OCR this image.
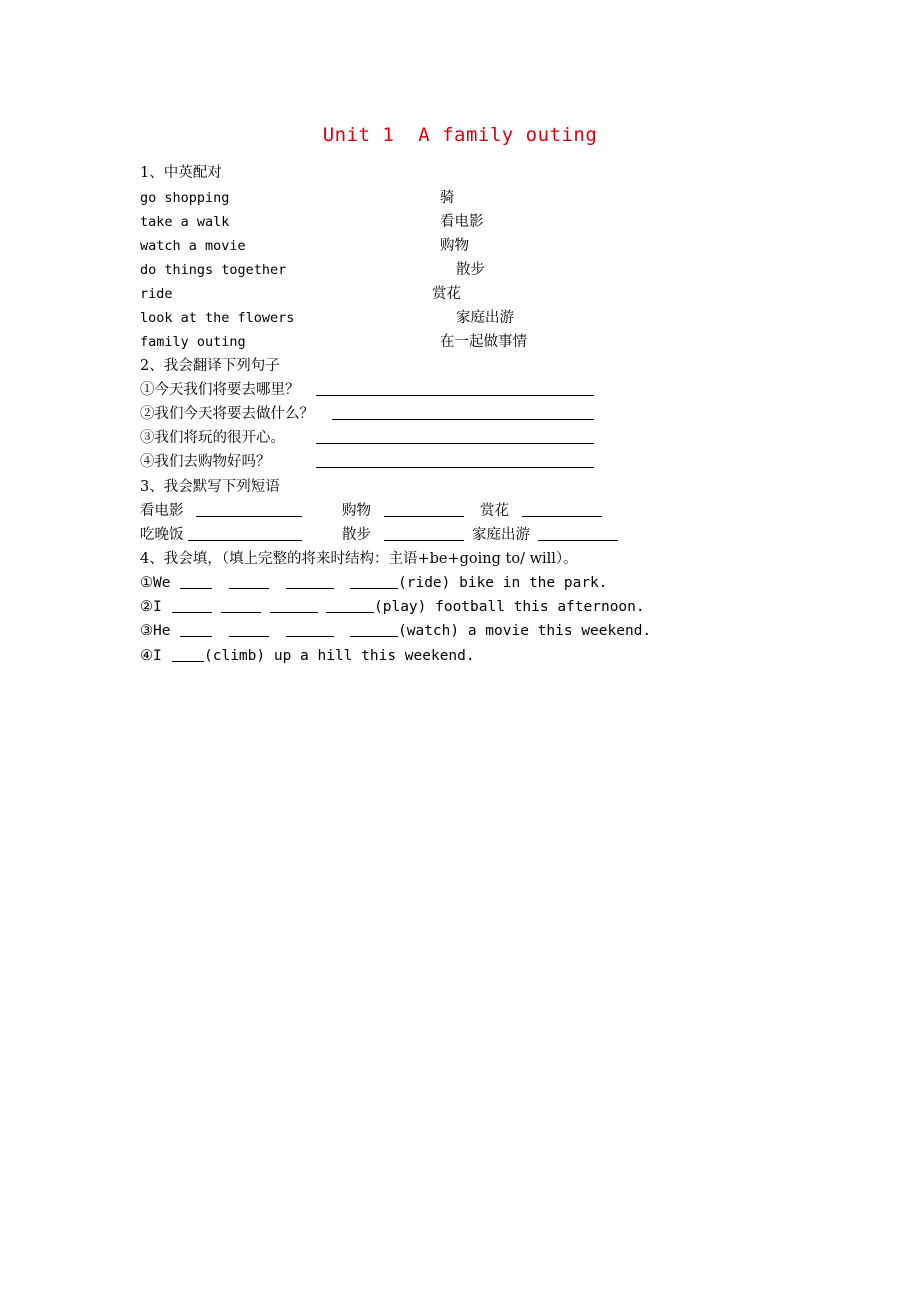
Unit 1  A family outing
1、中英配对
go shopping	骑
take a walk	看电影
watch a movie	购物
do things together	散步
ride	赏花
look at the flowers	家庭出游
family outing	在一起做事情
2、我会翻译下列句子
①今天我们将要去哪里？
②我们今天将要去做什么？
③我们将玩的很开心。
④我们去购物好吗？
3、我会默写下列短语
看电影	购物	赏花
吃晚饭	散步	家庭出游
4、我会填，（填上完整的将来时结构：主语+be+going to/ will）。
①We	(ride) bike in the park.
②I	(play) football this afternoon.
③He	(watch) a movie this weekend.
④I	(climb) up a hill this weekend.
